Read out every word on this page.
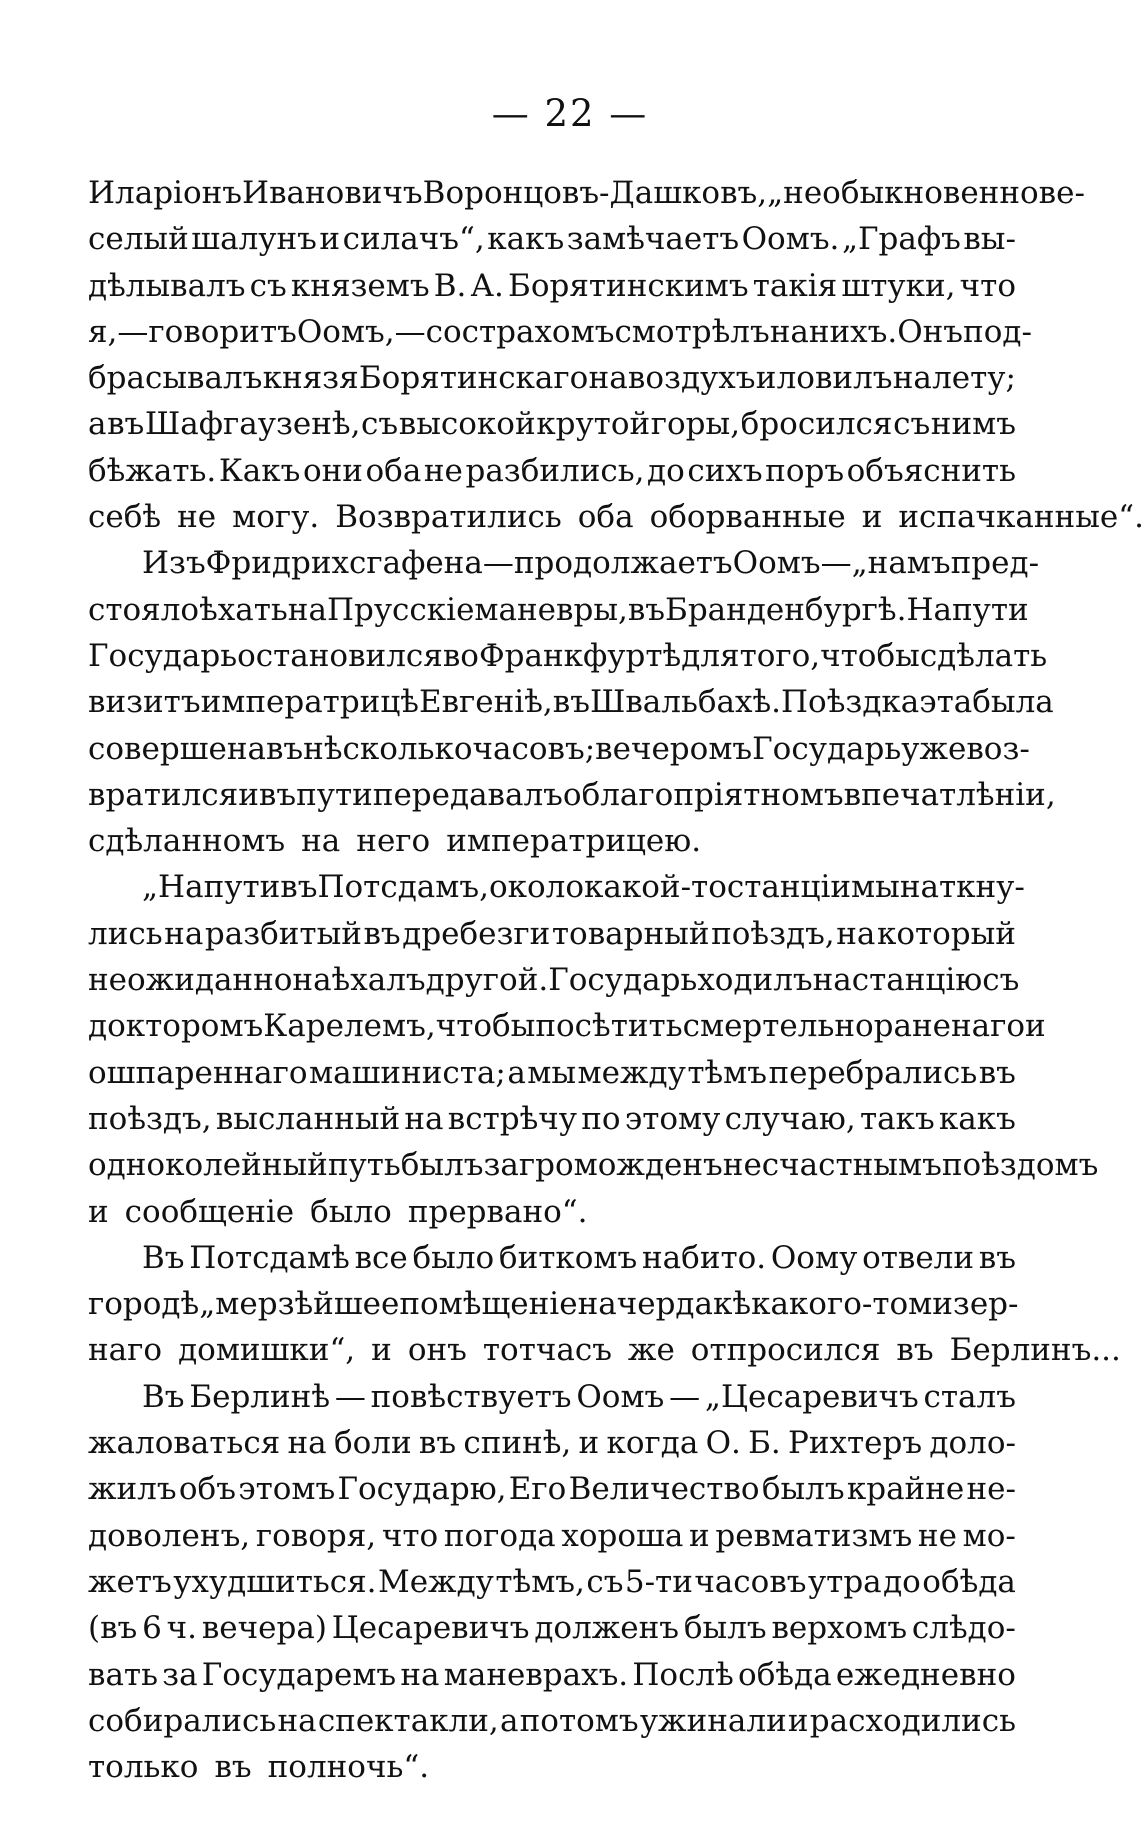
— 22 —
Иларіонъ Ивановичъ Воронцовъ-Дашковъ, „необыкновенно ве-
селый шалунъ и силачъ“, какъ замѣчаетъ Оомъ. „Графъ вы-
дѣлывалъ съ княземъ В. А. Борятинскимъ такія штуки, что
я,—говоритъ Оомъ,—со страхомъ смотрѣлъ на нихъ. Онъ под-
брасывалъ князя Борятинскаго на воздухъ и ловилъ на лету;
а въ Шафгаузенѣ, съ высокой крутой горы, бросился съ нимъ
бѣжать. Какъ они оба не разбились, до сихъ поръ объяснить
себѣ не могу. Возвратились оба оборванные и испачканные“.
Изъ Фридрихсгафена—продолжаетъ Оомъ — „намъ пред-
стояло ѣхать на Прусскіе маневры, въ Бранденбургѣ. На пути
Государь остановился во Франкфуртѣ для того, чтобы сдѣлать
визитъ императрицѣ Евгеніѣ, въ Швальбахѣ. Поѣздка эта была
совершена въ нѣсколько часовъ; вечеромъ Государь уже воз-
вратился и въ пути передавалъ о благопріятномъ впечатлѣніи,
сдѣланномъ на него императрицею.
„На пути въ Потсдамъ, около какой-то станціи мы наткну-
лись на разбитый въ дребезги товарный поѣздъ, на который
неожиданно наѣхалъ другой. Государь ходилъ на станцію съ
докторомъ Карелемъ, чтобы посѣтить смертельно раненаго и
ошпареннаго машиниста; а мы между тѣмъ перебрались въ
поѣздъ, высланный на встрѣчу по этому случаю, такъ какъ
одноколейный путь былъ загроможденъ несчастнымъ поѣздомъ
и сообщеніе было прервано“.
Въ Потсдамѣ все было биткомъ набито. Оому отвели въ
городѣ „мерзѣйшее помѣщеніе на чердакѣ какого-то мизер-
наго домишки“, и онъ тотчасъ же отпросился въ Берлинъ...
Въ Берлинѣ — повѣствуетъ Оомъ — „Цесаревичъ сталъ
жаловаться на боли въ спинѣ, и когда О. Б. Рихтеръ доло-
жилъ объ этомъ Государю, Его Величество былъ крайне не-
доволенъ, говоря, что погода хороша и ревматизмъ не мо-
жетъ ухудшиться. Между тѣмъ, съ 5-ти часовъ утра до обѣда
(въ 6 ч. вечера) Цесаревичъ долженъ былъ верхомъ слѣдо-
вать за Государемъ на маневрахъ. Послѣ обѣда ежедневно
собирались на спектакли, а потомъ ужинали и расходились
только въ полночь“.
